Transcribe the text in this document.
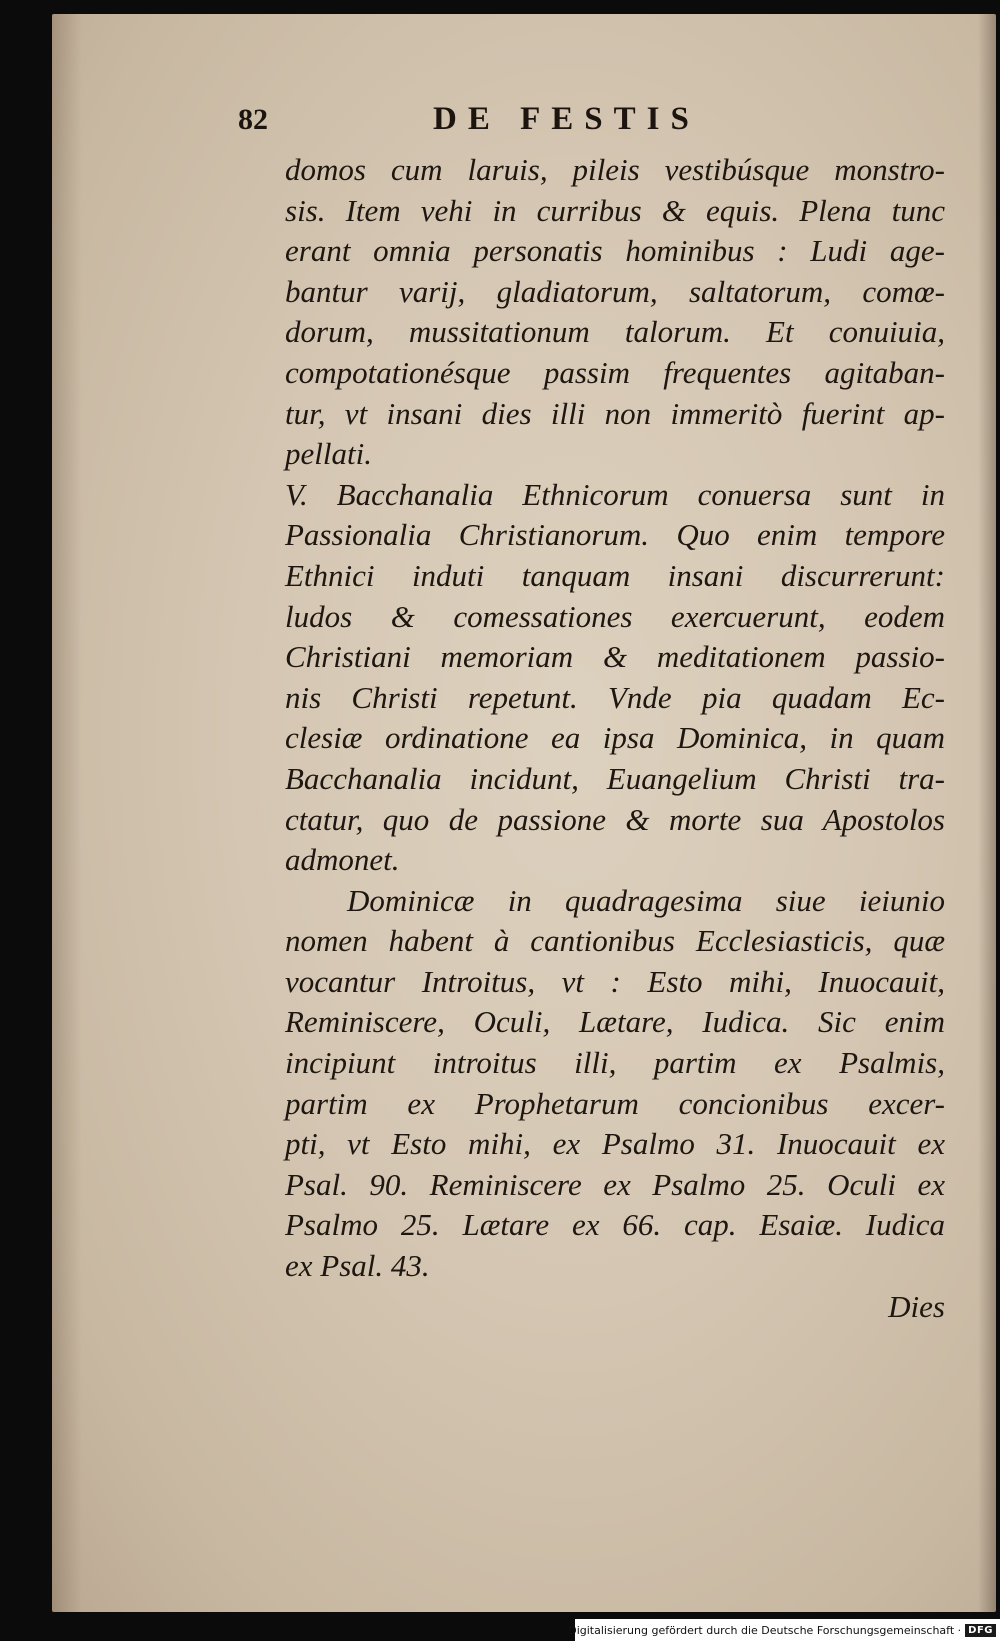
82	DE FESTIS
domos cum laruis, pileis vestibúsque monstro-
sis. Item vehi in curribus & equis. Plena tunc
erant omnia personatis hominibus : Ludi age-
bantur varij, gladiatorum, saltatorum, comœ-
dorum, mussitationum talorum. Et conuiuia,
compotationésque passim frequentes agitaban-
tur, vt insani dies illi non immeritò fuerint ap-
pellati.
V. Bacchanalia Ethnicorum conuersa sunt in
Passionalia Christianorum. Quo enim tempore
Ethnici induti tanquam insani discurrerunt:
ludos & comessationes exercuerunt, eodem
Christiani memoriam & meditationem passio-
nis Christi repetunt. Vnde pia quadam Ec-
clesiæ ordinatione ea ipsa Dominica, in quam
Bacchanalia incidunt, Euangelium Christi tra-
ctatur, quo de passione & morte sua Apostolos
admonet.
Dominicæ in quadragesima siue ieiunio
nomen habent à cantionibus Ecclesiasticis, quæ
vocantur Introitus, vt : Esto mihi, Inuocauit,
Reminiscere, Oculi, Lætare, Iudica. Sic enim
incipiunt introitus illi, partim ex Psalmis,
partim ex Prophetarum concionibus excer-
pti, vt Esto mihi, ex Psalmo 31. Inuocauit ex
Psal. 90. Reminiscere ex Psalmo 25. Oculi ex
Psalmo 25. Lætare ex 66. cap. Esaiæ. Iudica
ex Psal. 43.
Dies
Digitalisierung gefördert durch die Deutsche Forschungsgemeinschaft · DFG
